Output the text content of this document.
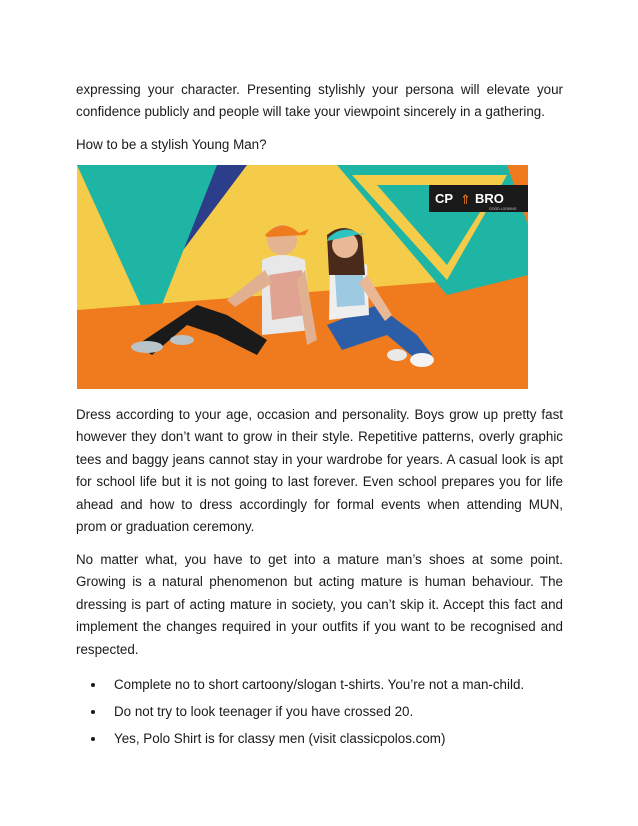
expressing your character. Presenting stylishly your persona will elevate your
confidence publicly and people will take your viewpoint sincerely in a gathering.
How to be a stylish Young Man?
CP ⇑ BRO
GOOD LOOKING
Dress according to your age, occasion and personality. Boys grow up pretty fast
however they don’t want to grow in their style. Repetitive patterns, overly graphic
tees and baggy jeans cannot stay in your wardrobe for years. A casual look is apt
for school life but it is not going to last forever. Even school prepares you for life
ahead and how to dress accordingly for formal events when attending MUN,
prom or graduation ceremony.
No matter what, you have to get into a mature man’s shoes at some point.
Growing is a natural phenomenon but acting mature is human behaviour. The
dressing is part of acting mature in society, you can’t skip it. Accept this fact and
implement the changes required in your outfits if you want to be recognised and
respected.
Complete no to short cartoony/slogan t-shirts. You’re not a man-child.
Do not try to look teenager if you have crossed 20.
Yes, Polo Shirt is for classy men (visit classicpolos.com)
